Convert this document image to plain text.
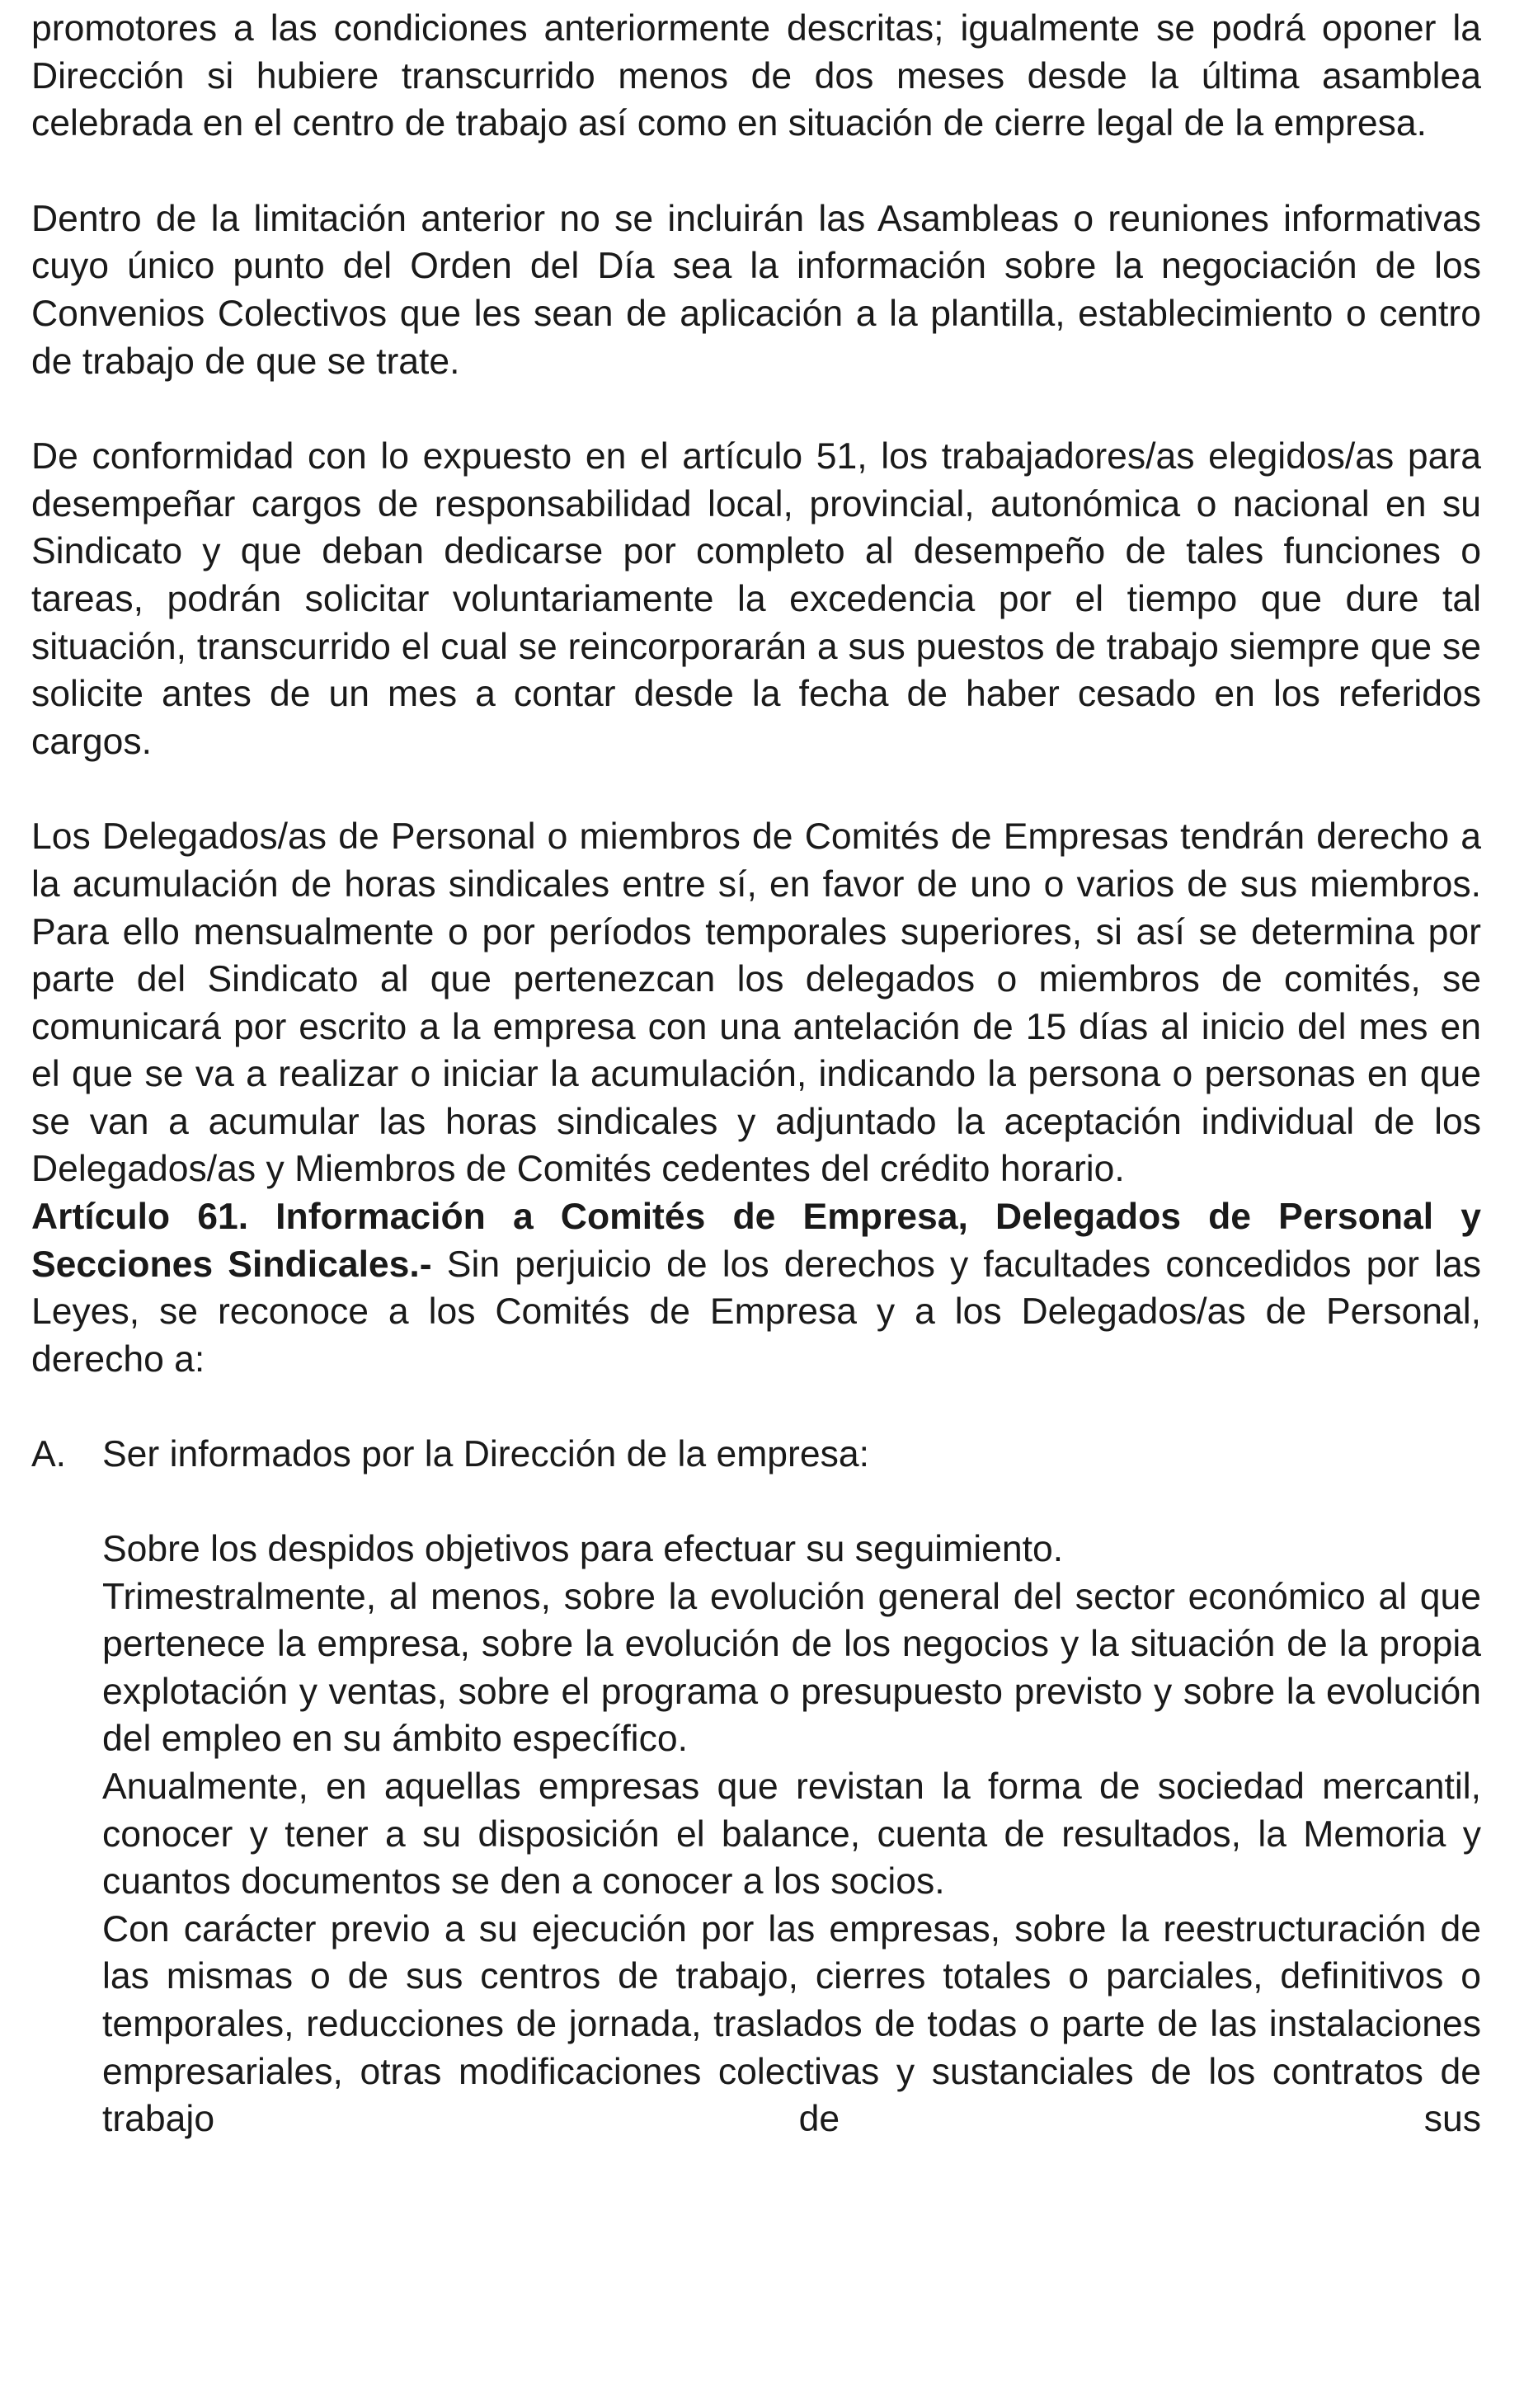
promotores a las condiciones anteriormente descritas; igualmente se podrá oponer la Dirección si hubiere transcurrido menos de dos meses desde la última asamblea celebrada en el centro de trabajo así como en situación de cierre legal de la empresa.

Dentro de la limitación anterior no se incluirán las Asambleas o reuniones informativas cuyo único punto del Orden del Día sea la información sobre la negociación de los Convenios Colectivos que les sean de aplicación a la plantilla, establecimiento o centro de trabajo de que se trate.

De conformidad con lo expuesto en el artículo 51, los trabajadores/as elegidos/as para desempeñar cargos de responsabilidad local, provincial, autonómica o nacional en su Sindicato y que deban dedicarse por completo al desempeño de tales funciones o tareas, podrán solicitar voluntariamente la excedencia por el tiempo que dure tal situación, transcurrido el cual se reincorporarán a sus puestos de trabajo siempre que se solicite antes de un mes a contar desde la fecha de haber cesado en los referidos cargos.

Los Delegados/as de Personal o miembros de Comités de Empresas tendrán derecho a la acumulación de horas sindicales entre sí, en favor de uno o varios de sus miembros. Para ello mensualmente o por períodos temporales superiores, si así se determina por parte del Sindicato al que pertenezcan los delegados o miembros de comités, se comunicará por escrito a la empresa con una antelación de 15 días al inicio del mes en el que se va a realizar o iniciar la acumulación, indicando la persona o personas en que se van a acumular las horas sindicales y adjuntado la aceptación individual de los Delegados/as y Miembros de Comités cedentes del crédito horario.

Artículo 61. Información a Comités de Empresa, Delegados de Personal y Secciones Sindicales.- Sin perjuicio de los derechos y facultades concedidos por las Leyes, se reconoce a los Comités de Empresa y a los Delegados/as de Personal, derecho a:

A. Ser informados por la Dirección de la empresa:

Sobre los despidos objetivos para efectuar su seguimiento.

Trimestralmente, al menos, sobre la evolución general del sector económico al que pertenece la empresa, sobre la evolución de los negocios y la situación de la propia explotación y ventas, sobre el programa o presupuesto previsto y sobre la evolución del empleo en su ámbito específico.

Anualmente, en aquellas empresas que revistan la forma de sociedad mercantil, conocer y tener a su disposición el balance, cuenta de resultados, la Memoria y cuantos documentos se den a conocer a los socios.

Con carácter previo a su ejecución por las empresas, sobre la reestructuración de las mismas o de sus centros de trabajo, cierres totales o parciales, definitivos o temporales, reducciones de jornada, traslados de todas o parte de las instalaciones empresariales, otras modificaciones colectivas y sustanciales de los contratos de trabajo de sus
